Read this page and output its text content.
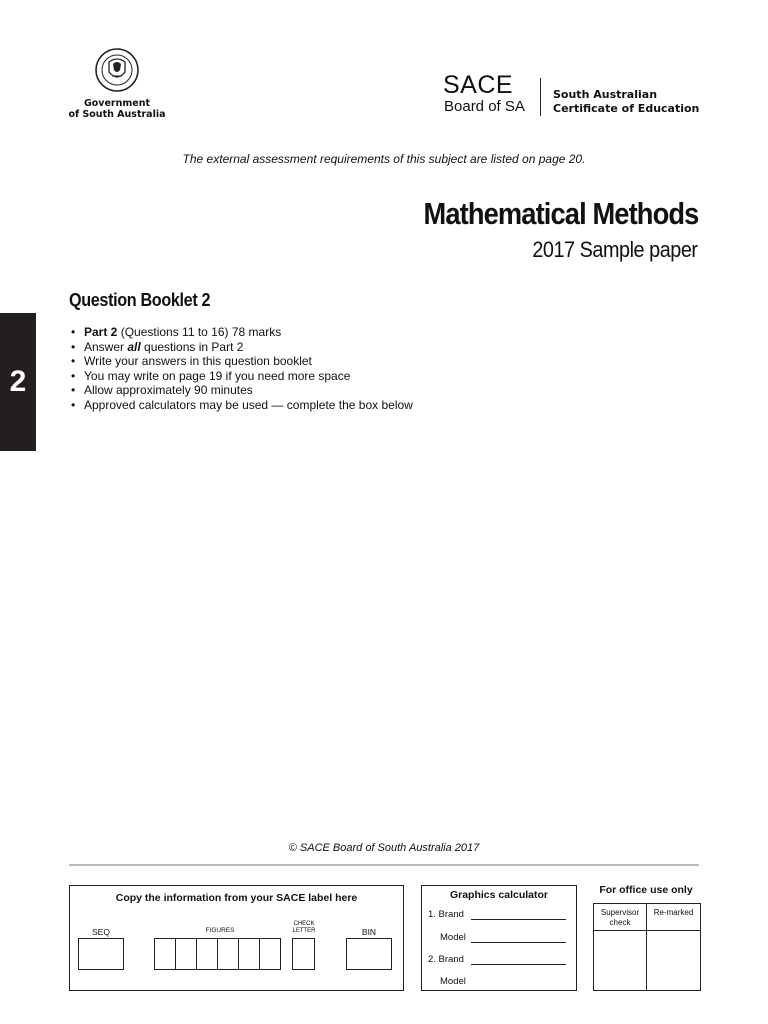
Government
of South Australia
SACE
Board of SA
South Australian
Certificate of Education
The external assessment requirements of this subject are listed on page 20.
Mathematical Methods
2017 Sample paper
Question Booklet 2
2
• Part 2 (Questions 11 to 16) 78 marks
• Answer all questions in Part 2
• Write your answers in this question booklet
• You may write on page 19 if you need more space
• Allow approximately 90 minutes
• Approved calculators may be used — complete the box below
© SACE Board of South Australia 2017
Copy the information from your SACE label here
SEQ	FIGURES
CHECK
LETTER	BIN
Graphics calculator
1. Brand
Model
2. Brand
Model
For office use only
Supervisor
check
Re-marked
